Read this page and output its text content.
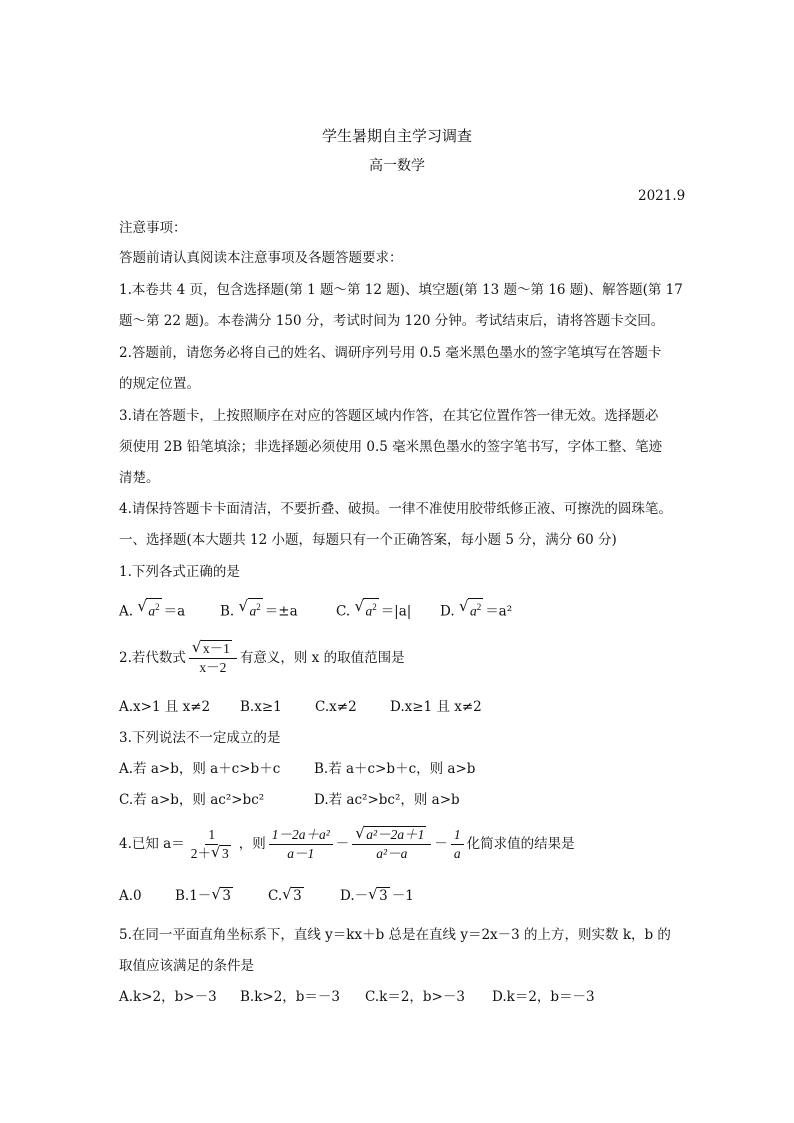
学生暑期自主学习调查
高一数学
2021.9
注意事项：
答题前请认真阅读本注意事项及各题答题要求：
1.本卷共 4 页，包含选择题(第 1 题～第 12 题)、填空题(第 13 题～第 16 题)、解答题(第 17
题～第 22 题)。本卷满分 150 分，考试时间为 120 分钟。考试结束后，请将答题卡交回。
2.答题前，请您务必将自己的姓名、调研序列号用 0.5 毫米黑色墨水的签字笔填写在答题卡
的规定位置。
3.请在答题卡，上按照顺序在对应的答题区域内作答，在其它位置作答一律无效。选择题必
须使用 2B 铅笔填涂；非选择题必须使用 0.5 毫米黑色墨水的签字笔书写，字体工整、笔迹
清楚。
4.请保持答题卡卡面清洁，不要折叠、破损。一律不准使用胶带纸修正液、可擦洗的圆珠笔。
一、选择题(本大题共 12 小题，每题只有一个正确答案，每小题 5 分，满分 60 分)
1.下列各式正确的是
A. √ $a^2 =a$	B. √ $a^2 =\pm a$	C. √ $a^2 =|a|$ D. √ $a^2 =a^2$
2.若代数式 $\frac{√ x-1}{x-2}$ 有意义，则 x 的取值范围是
A.x>1 且 x≠2 B.x≥1 C.x≠2 D.x≥1 且 x≠2
3.下列说法不一定成立的是
A.若 a>b，则 a＋c>b＋c	B.若 a＋c>b＋c，则 a>b
C.若 a>b，则 ac²>bc²	D.若 ac²>bc²，则 a>b
4.已知 $a= \frac{1}{2+ √ 3}$ ，则 $\frac{\text{1－2a＋a²}}{a-1} - \frac{\text{√ a²－2a＋1}}{\text{a²－a}} - \frac{1}{a}$ 化简求值的结果是
A.0 B.1－ √ 3	C. √ 3	D.－ √ 3 －1
5.在同一平面直角坐标系下，直线 y＝kx＋b 总是在直线 y＝2x－3 的上方，则实数 k，b 的
取值应该满足的条件是
A.k>2，b>－3 B.k>2，b＝－3 C.k＝2，b>－3 D.k＝2，b＝－3
